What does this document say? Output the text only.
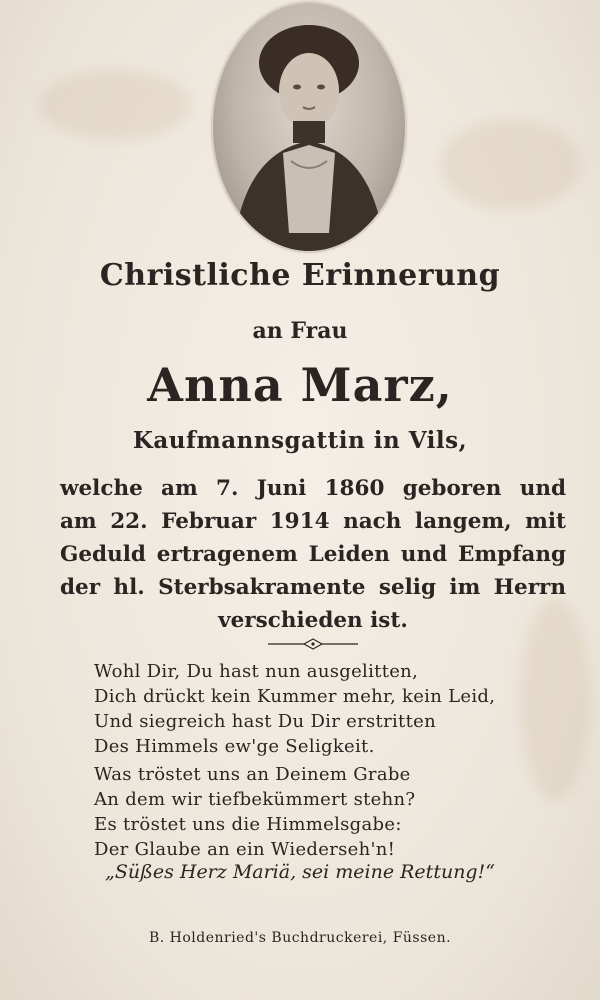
Christliche Erinnerung
an Frau
Anna Marz,
Kaufmannsgattin in Vils,
welche am 7. Juni 1860 geboren und
am 22. Februar 1914 nach langem, mit
Geduld ertragenem Leiden und Empfang
der hl. Sterbsakramente selig im Herrn
verschieden ist.
Wohl Dir, Du hast nun ausgelitten,
Dich drückt kein Kummer mehr, kein Leid,
Und siegreich hast Du Dir erstritten
Des Himmels ew'ge Seligkeit.
Was tröstet uns an Deinem Grabe
An dem wir tiefbekümmert stehn?
Es tröstet uns die Himmelsgabe:
Der Glaube an ein Wiederseh'n!
„Süßes Herz Mariä, sei meine Rettung!“
B. Holdenried's Buchdruckerei, Füssen.
